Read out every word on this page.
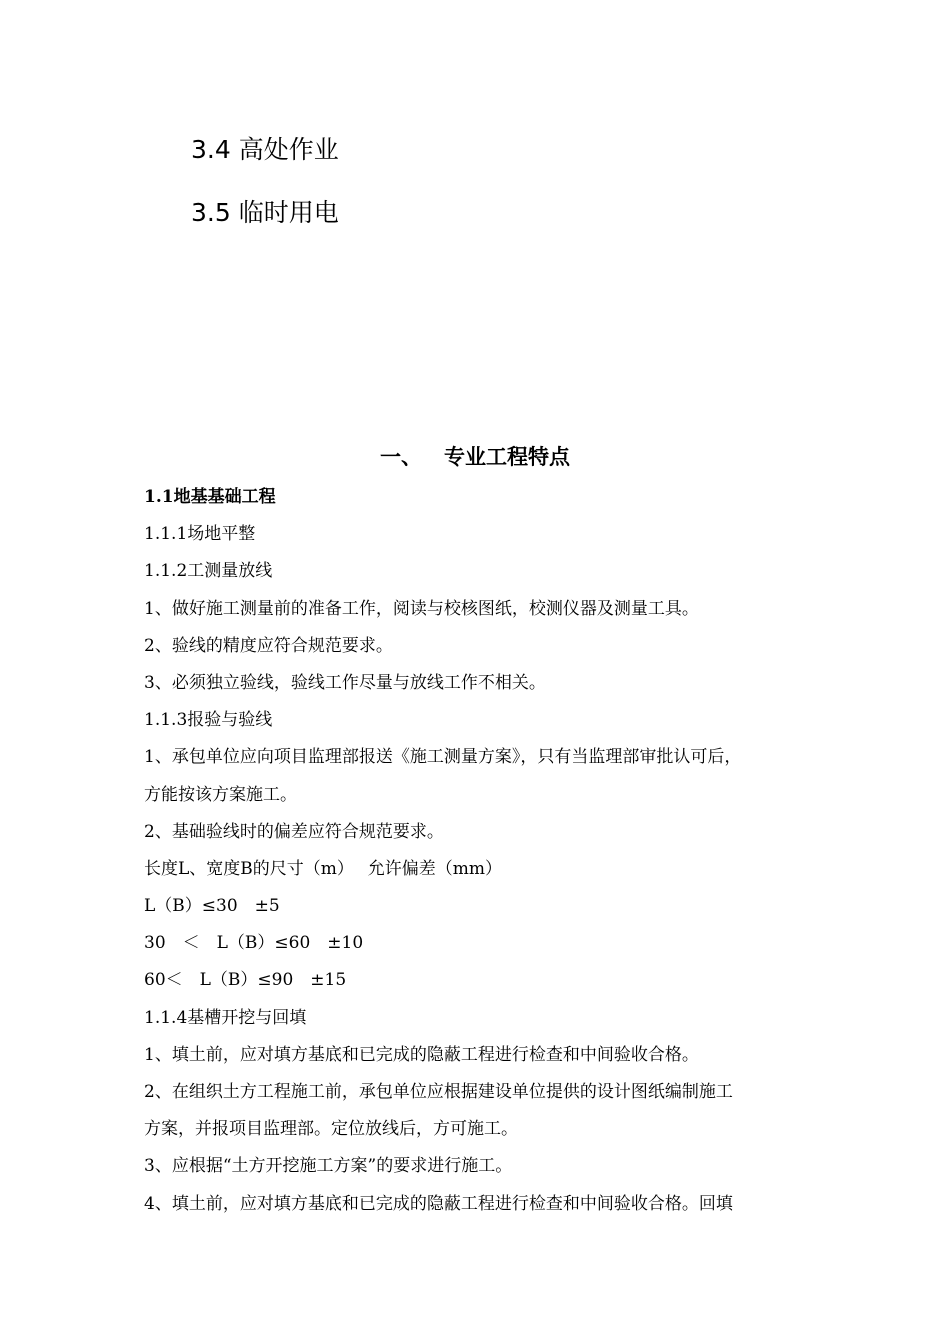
3.4 高处作业
3.5 临时用电
一、 专业工程特点
1.1地基基础工程
1.1.1场地平整
1.1.2工测量放线
1、做好施工测量前的准备工作，阅读与校核图纸，校测仪器及测量工具。
2、验线的精度应符合规范要求。
3、必须独立验线，验线工作尽量与放线工作不相关。
1.1.3报验与验线
1、承包单位应向项目监理部报送《施工测量方案》，只有当监理部审批认可后，
方能按该方案施工。
2、基础验线时的偏差应符合规范要求。
长度L、宽度B的尺寸（m）　 允许偏差（mm）
L（B）≤30　±5
30　＜　L（B）≤60　±10
60＜　L（B）≤90　±15
1.1.4基槽开挖与回填
1、填土前，应对填方基底和已完成的隐蔽工程进行检查和中间验收合格。
2、在组织土方工程施工前，承包单位应根据建设单位提供的设计图纸编制施工
方案，并报项目监理部。定位放线后，方可施工。
3、应根据“土方开挖施工方案”的要求进行施工。
4、填土前，应对填方基底和已完成的隐蔽工程进行检查和中间验收合格。回填
